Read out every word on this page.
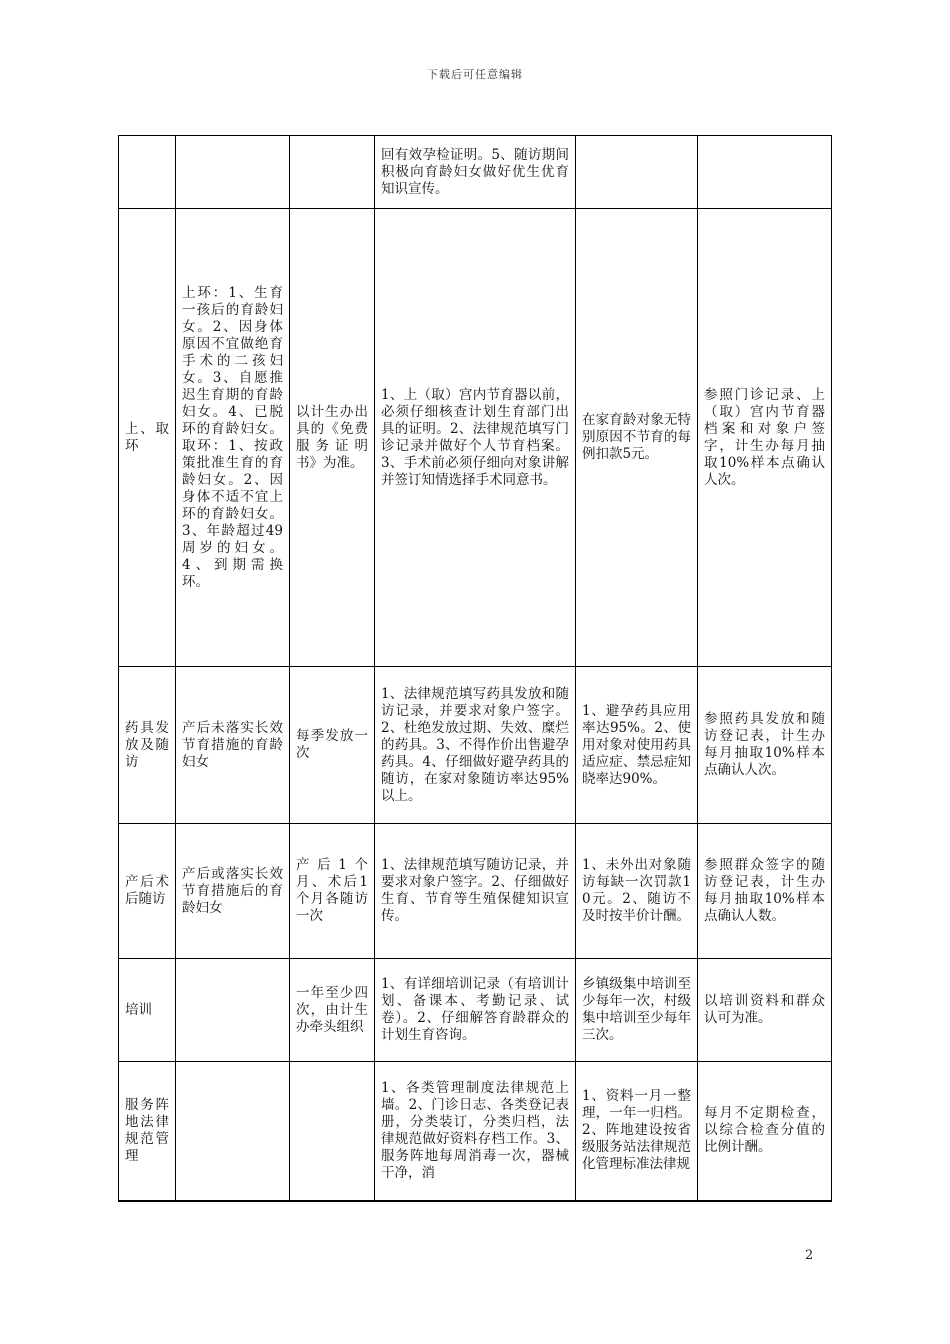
下载后可任意编辑
			回有效孕检证明。5、随访期间积极向育龄妇女做好优生优育知识宣传。		
上、取环	上环：1、生育一孩后的育龄妇女。2、因身体原因不宜做绝育手术的二孩妇女。3、自愿推迟生育期的育龄妇女。4、已脱环的育龄妇女。取环：1、按政策批准生育的育龄妇女。2、因身体不适不宜上环的育龄妇女。3、年龄超过49周岁的妇女。4、到期需换环。	以计生办出具的《免费服务证明书》为准。	1、上（取）宫内节育器以前，必须仔细核查计划生育部门出具的证明。2、法律规范填写门诊记录并做好个人节育档案。3、手术前必须仔细向对象讲解并签订知情选择手术同意书。	在家育龄对象无特别原因不节育的每例扣款5元。	参照门诊记录、上（取）宫内节育器档案和对象户签字，计生办每月抽取10%样本点确认人次。
药具发放及随访	产后未落实长效节育措施的育龄妇女	每季发放一次	1、法律规范填写药具发放和随访记录，并要求对象户签字。2、杜绝发放过期、失效、糜烂的药具。3、不得作价出售避孕药具。4、仔细做好避孕药具的随访，在家对象随访率达95%以上。	1、避孕药具应用率达95%。2、使用对象对使用药具适应症、禁忌症知晓率达90%。	参照药具发放和随访登记表，计生办每月抽取10%样本点确认人次。
产后术后随访	产后或落实长效节育措施后的育龄妇女	产后1个月、术后1个月各随访一次	1、法律规范填写随访记录，并要求对象户签字。2、仔细做好生育、节育等生殖保健知识宣传。	1、未外出对象随访每缺一次罚款10元。2、随访不及时按半价计酬。	参照群众签字的随访登记表，计生办每月抽取10%样本点确认人数。
培训		一年至少四次，由计生办牵头组织	1、有详细培训记录（有培训计划、备课本、考勤记录、试卷）。2、仔细解答育龄群众的计划生育咨询。	乡镇级集中培训至少每年一次，村级集中培训至少每年三次。	以培训资料和群众认可为准。
服务阵地法律规范管理			1、各类管理制度法律规范上墙。2、门诊日志、各类登记表册，分类装订，分类归档，法律规范做好资料存档工作。3、服务阵地每周消毒一次，器械干净，消	1、资料一月一整理，一年一归档。2、阵地建设按省级服务站法律规范化管理标准法律规	每月不定期检查，以综合检查分值的比例计酬。
2
